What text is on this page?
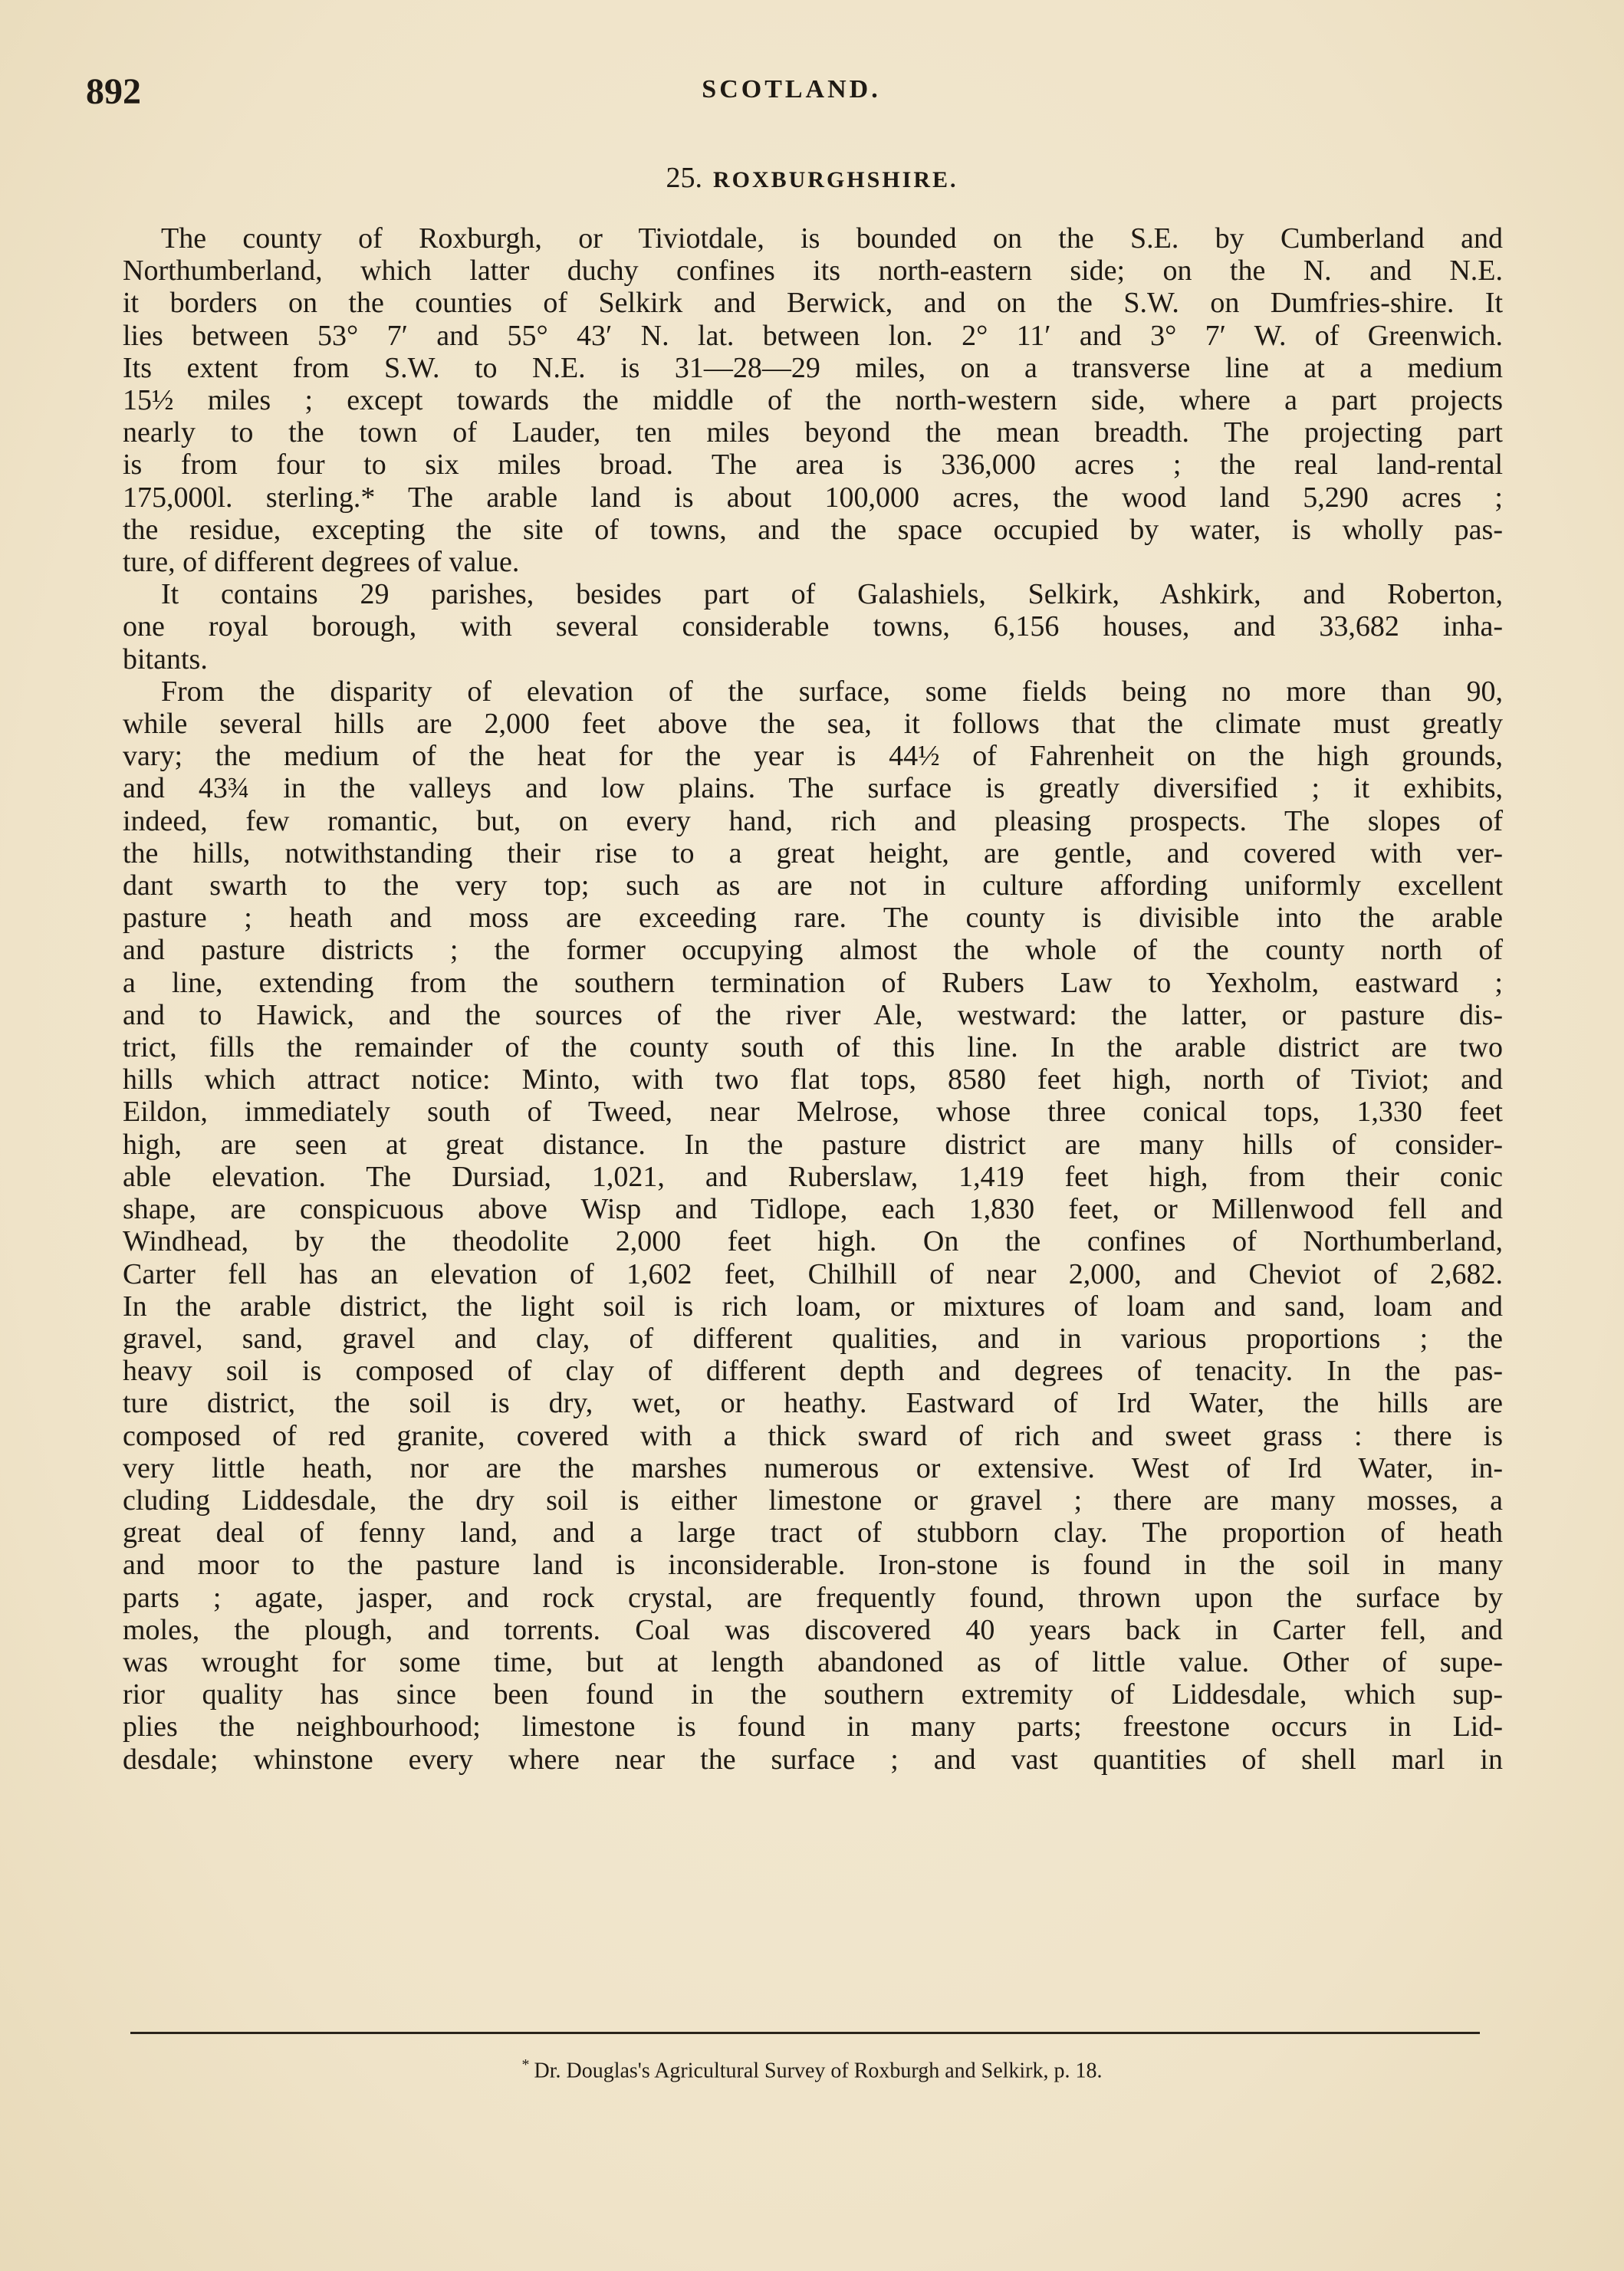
892	SCOTLAND.
25. ROXBURGHSHIRE.
The county of Roxburgh, or Tiviotdale, is bounded on the S.E. by Cumberland and
Northumberland, which latter duchy confines its north-eastern side; on the N. and N.E.
it borders on the counties of Selkirk and Berwick, and on the S.W. on Dumfries-shire. It
lies between 53° 7′ and 55° 43′ N. lat. between lon. 2° 11′ and 3° 7′ W. of Greenwich.
Its extent from S.W. to N.E. is 31—28—29 miles, on a transverse line at a medium
15½ miles ; except towards the middle of the north-western side, where a part projects
nearly to the town of Lauder, ten miles beyond the mean breadth. The projecting part
is from four to six miles broad. The area is 336,000 acres ; the real land-rental
175,000l. sterling.* The arable land is about 100,000 acres, the wood land 5,290 acres ;
the residue, excepting the site of towns, and the space occupied by water, is wholly pas-
ture, of different degrees of value.
It contains 29 parishes, besides part of Galashiels, Selkirk, Ashkirk, and Roberton,
one royal borough, with several considerable towns, 6,156 houses, and 33,682 inha-
bitants.
From the disparity of elevation of the surface, some fields being no more than 90,
while several hills are 2,000 feet above the sea, it follows that the climate must greatly
vary; the medium of the heat for the year is 44½ of Fahrenheit on the high grounds,
and 43¾ in the valleys and low plains. The surface is greatly diversified ; it exhibits,
indeed, few romantic, but, on every hand, rich and pleasing prospects. The slopes of
the hills, notwithstanding their rise to a great height, are gentle, and covered with ver-
dant swarth to the very top; such as are not in culture affording uniformly excellent
pasture ; heath and moss are exceeding rare. The county is divisible into the arable
and pasture districts ; the former occupying almost the whole of the county north of
a line, extending from the southern termination of Rubers Law to Yexholm, eastward ;
and to Hawick, and the sources of the river Ale, westward: the latter, or pasture dis-
trict, fills the remainder of the county south of this line. In the arable district are two
hills which attract notice: Minto, with two flat tops, 8580 feet high, north of Tiviot; and
Eildon, immediately south of Tweed, near Melrose, whose three conical tops, 1,330 feet
high, are seen at great distance. In the pasture district are many hills of consider-
able elevation. The Dursiad, 1,021, and Ruberslaw, 1,419 feet high, from their conic
shape, are conspicuous above Wisp and Tidlope, each 1,830 feet, or Millenwood fell and
Windhead, by the theodolite 2,000 feet high. On the confines of Northumberland,
Carter fell has an elevation of 1,602 feet, Chilhill of near 2,000, and Cheviot of 2,682.
In the arable district, the light soil is rich loam, or mixtures of loam and sand, loam and
gravel, sand, gravel and clay, of different qualities, and in various proportions ; the
heavy soil is composed of clay of different depth and degrees of tenacity. In the pas-
ture district, the soil is dry, wet, or heathy. Eastward of Ird Water, the hills are
composed of red granite, covered with a thick sward of rich and sweet grass : there is
very little heath, nor are the marshes numerous or extensive. West of Ird Water, in-
cluding Liddesdale, the dry soil is either limestone or gravel ; there are many mosses, a
great deal of fenny land, and a large tract of stubborn clay. The proportion of heath
and moor to the pasture land is inconsiderable. Iron-stone is found in the soil in many
parts ; agate, jasper, and rock crystal, are frequently found, thrown upon the surface by
moles, the plough, and torrents. Coal was discovered 40 years back in Carter fell, and
was wrought for some time, but at length abandoned as of little value. Other of supe-
rior quality has since been found in the southern extremity of Liddesdale, which sup-
plies the neighbourhood; limestone is found in many parts; freestone occurs in Lid-
desdale; whinstone every where near the surface ; and vast quantities of shell marl in
* Dr. Douglas's Agricultural Survey of Roxburgh and Selkirk, p. 18.
